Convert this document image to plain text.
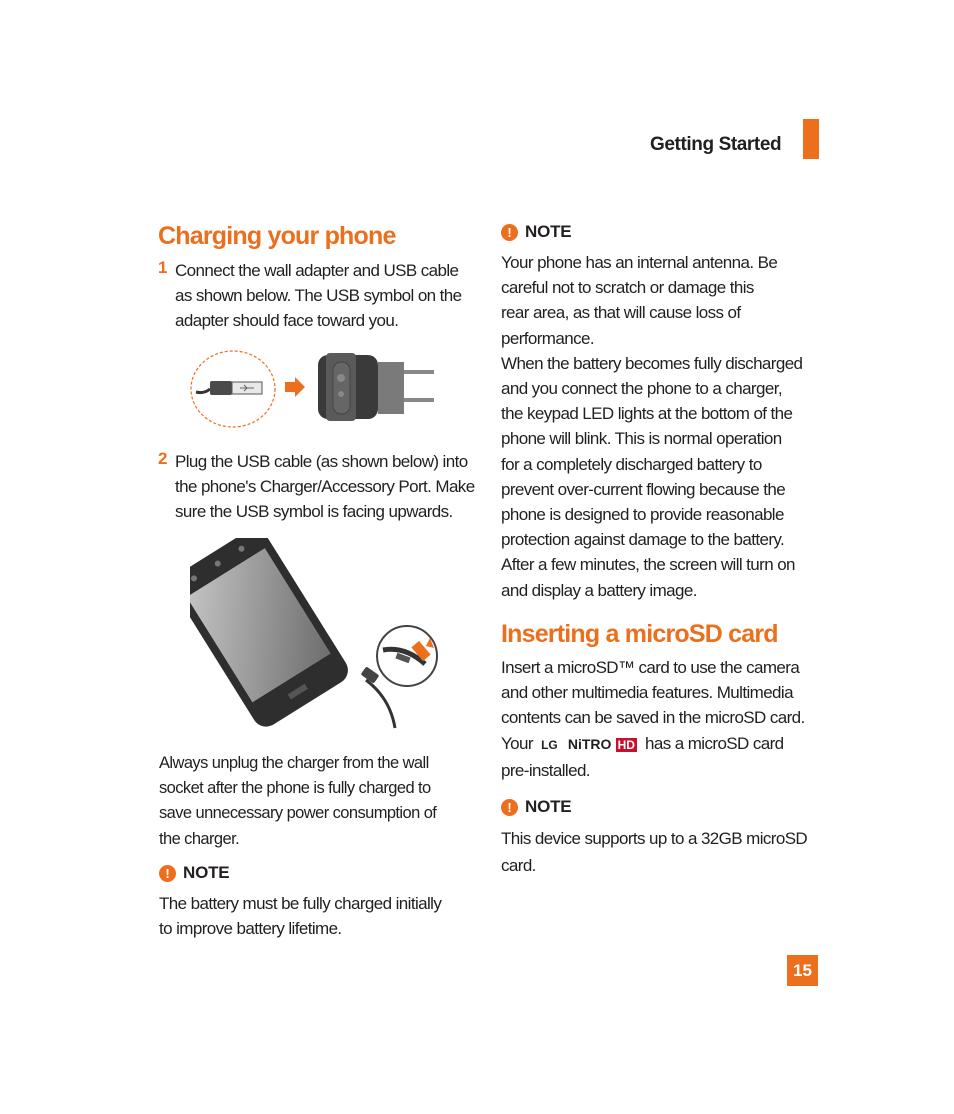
Getting Started
Charging your phone
1 Connect the wall adapter and USB cable
as shown below. The USB symbol on the
adapter should face toward you.
2 Plug the USB cable (as shown below) into
the phone's Charger/Accessory Port. Make
sure the USB symbol is facing upwards.
Always unplug the charger from the wall
socket after the phone is fully charged to
save unnecessary power consumption of
the charger.
! NOTE
The battery must be fully charged initially
to improve battery lifetime.
! NOTE
Your phone has an internal antenna. Be
careful not to scratch or damage this
rear area, as that will cause loss of
performance.
When the battery becomes fully discharged
and you connect the phone to a charger,
the keypad LED lights at the bottom of the
phone will blink. This is normal operation
for a completely discharged battery to
prevent over-current flowing because the
phone is designed to provide reasonable
protection against damage to the battery.
After a few minutes, the screen will turn on
and display a battery image.
Inserting a microSD card
Insert a microSD™ card to use the camera
and other multimedia features. Multimedia
contents can be saved in the microSD card.
Your LG NiTRO HD has a microSD card
pre-installed.
! NOTE
This device supports up to a 32GB microSD
card.
15
